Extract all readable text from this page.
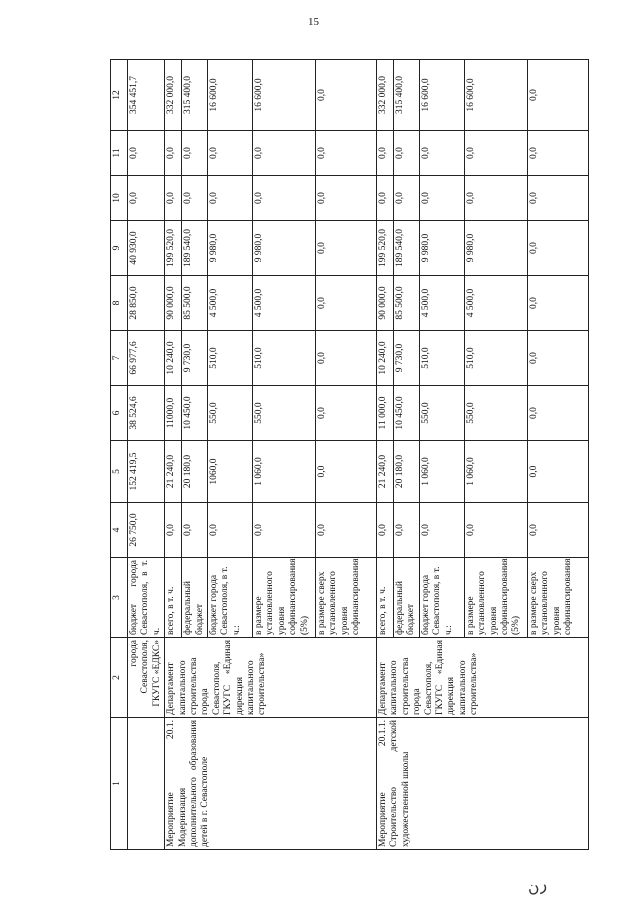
15
1	2	3	4	5	6	7	8	9	10	11	12
	города Севастополя, ГКУГС «ЕДКС»	бюджет города Севастополя, в т. ч.	26 750,0	152 419,5	38 524,6	66 977,6	28 850,0	40 930,0	0,0	0,0	354 451,7
Мероприятие 20.1. Модернизация дополнительного образования детей в г. Севастополе	Департамент капитального строительства города Севастополя, ГКУГС «Единая дирекция капитального строительства»	всего, в т. ч.	0,0	21 240,0	11000,0	10 240,0	90 000,0	199 520,0	0,0	0,0	332 000,0
		федеральный бюджет	0,0	20 180,0	10 450,0	9 730,0	85 500,0	189 540,0	0,0	0,0	315 400,0
		бюджет города Севастополя, в т. ч.:	0,0	1060,0	550,0	510,0	4 500,0	9 980,0	0,0	0,0	16 600,0
		в размере установленного уровня софинансирования (5%)	0,0	1 060,0	550,0	510,0	4 500,0	9 980,0	0,0	0,0	16 600,0
		в размере сверх установленного уровня софинансирования	0,0	0,0	0,0	0,0	0,0	0,0	0,0	0,0	0,0
Мероприятие 20.1.1. Строительство детской художественной школы	Департамент капитального строительства города Севастополя, ГКУГС «Единая дирекция капитального строительства»	всего, в т. ч.	0,0	21 240,0	11 000,0	10 240,0	90 000,0	199 520,0	0,0	0,0	332 000,0
		федеральный бюджет	0,0	20 180,0	10 450,0	9 730,0	85 500,0	189 540,0	0,0	0,0	315 400,0
		бюджет города Севастополя, в т. ч.:	0,0	1 060,0	550,0	510,0	4 500,0	9 980,0	0,0	0,0	16 600,0
		в размере установленного уровня софинансирования (5%)	0,0	1 060,0	550,0	510,0	4 500,0	9 980,0	0,0	0,0	16 600,0
		в размере сверх установленного уровня софинансирования	0,0	0,0	0,0	0,0	0,0	0,0	0,0	0,0	0,0
ﺭﻥ
